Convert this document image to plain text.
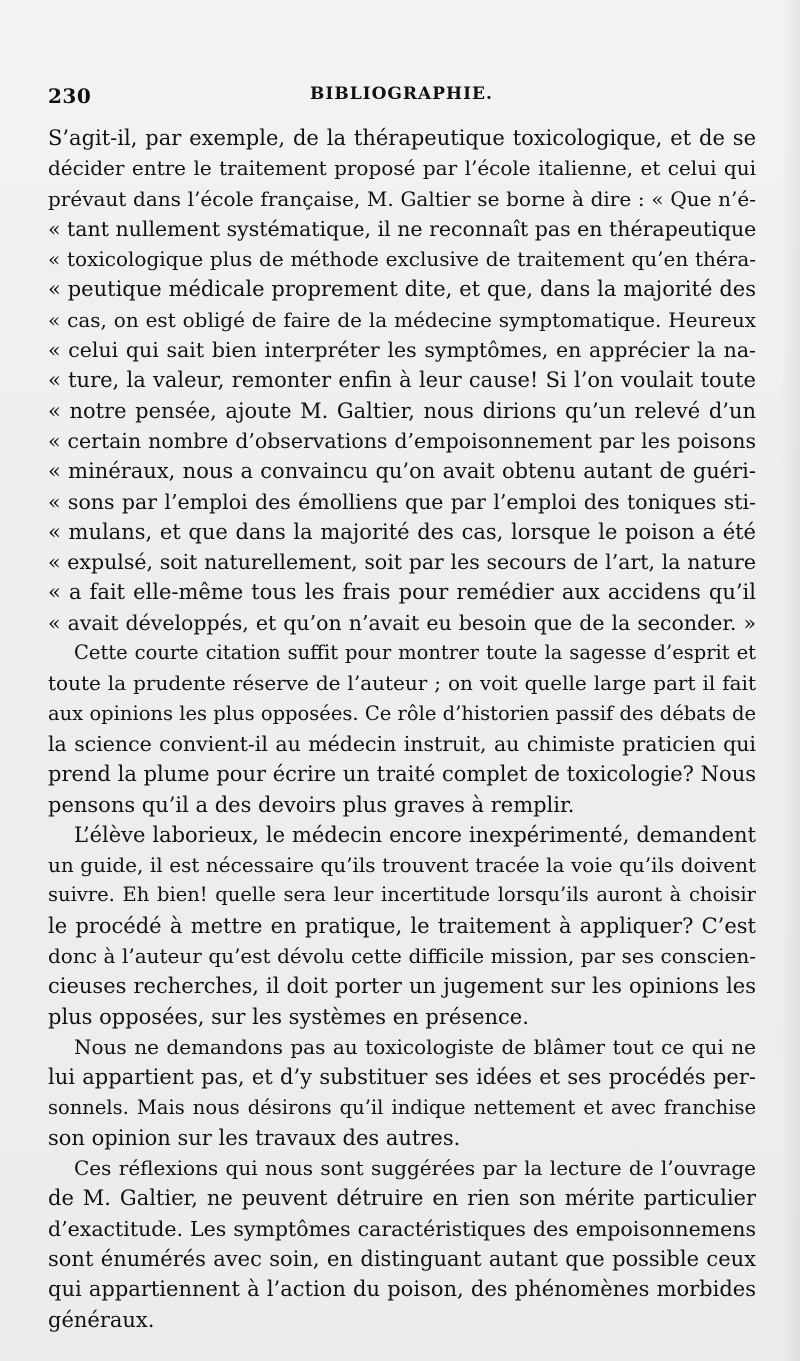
230	BIBLIOGRAPHIE.
S’agit-il, par exemple, de la thérapeutique toxicologique, et de se
décider entre le traitement proposé par l’école italienne, et celui qui
prévaut dans l’école française, M. Galtier se borne à dire : « Que n’é-
« tant nullement systématique, il ne reconnaît pas en thérapeutique
« toxicologique plus de méthode exclusive de traitement qu’en théra-
« peutique médicale proprement dite, et que, dans la majorité des
« cas, on est obligé de faire de la médecine symptomatique. Heureux
« celui qui sait bien interpréter les symptômes, en apprécier la na-
« ture, la valeur, remonter enfin à leur cause! Si l’on voulait toute
« notre pensée, ajoute M. Galtier, nous dirions qu’un relevé d’un
« certain nombre d’observations d’empoisonnement par les poisons
« minéraux, nous a convaincu qu’on avait obtenu autant de guéri-
« sons par l’emploi des émolliens que par l’emploi des toniques sti-
« mulans, et que dans la majorité des cas, lorsque le poison a été
« expulsé, soit naturellement, soit par les secours de l’art, la nature
« a fait elle-même tous les frais pour remédier aux accidens qu’il
« avait développés, et qu’on n’avait eu besoin que de la seconder. »
Cette courte citation suffit pour montrer toute la sagesse d’esprit et
toute la prudente réserve de l’auteur ; on voit quelle large part il fait
aux opinions les plus opposées. Ce rôle d’historien passif des débats de
la science convient-il au médecin instruit, au chimiste praticien qui
prend la plume pour écrire un traité complet de toxicologie? Nous
pensons qu’il a des devoirs plus graves à remplir.
L’élève laborieux, le médecin encore inexpérimenté, demandent
un guide, il est nécessaire qu’ils trouvent tracée la voie qu’ils doivent
suivre. Eh bien! quelle sera leur incertitude lorsqu’ils auront à choisir
le procédé à mettre en pratique, le traitement à appliquer? C’est
donc à l’auteur qu’est dévolu cette difficile mission, par ses conscien-
cieuses recherches, il doit porter un jugement sur les opinions les
plus opposées, sur les systèmes en présence.
Nous ne demandons pas au toxicologiste de blâmer tout ce qui ne
lui appartient pas, et d’y substituer ses idées et ses procédés per-
sonnels. Mais nous désirons qu’il indique nettement et avec franchise
son opinion sur les travaux des autres.
Ces réflexions qui nous sont suggérées par la lecture de l’ouvrage
de M. Galtier, ne peuvent détruire en rien son mérite particulier
d’exactitude. Les symptômes caractéristiques des empoisonnemens
sont énumérés avec soin, en distinguant autant que possible ceux
qui appartiennent à l’action du poison, des phénomènes morbides
généraux.
